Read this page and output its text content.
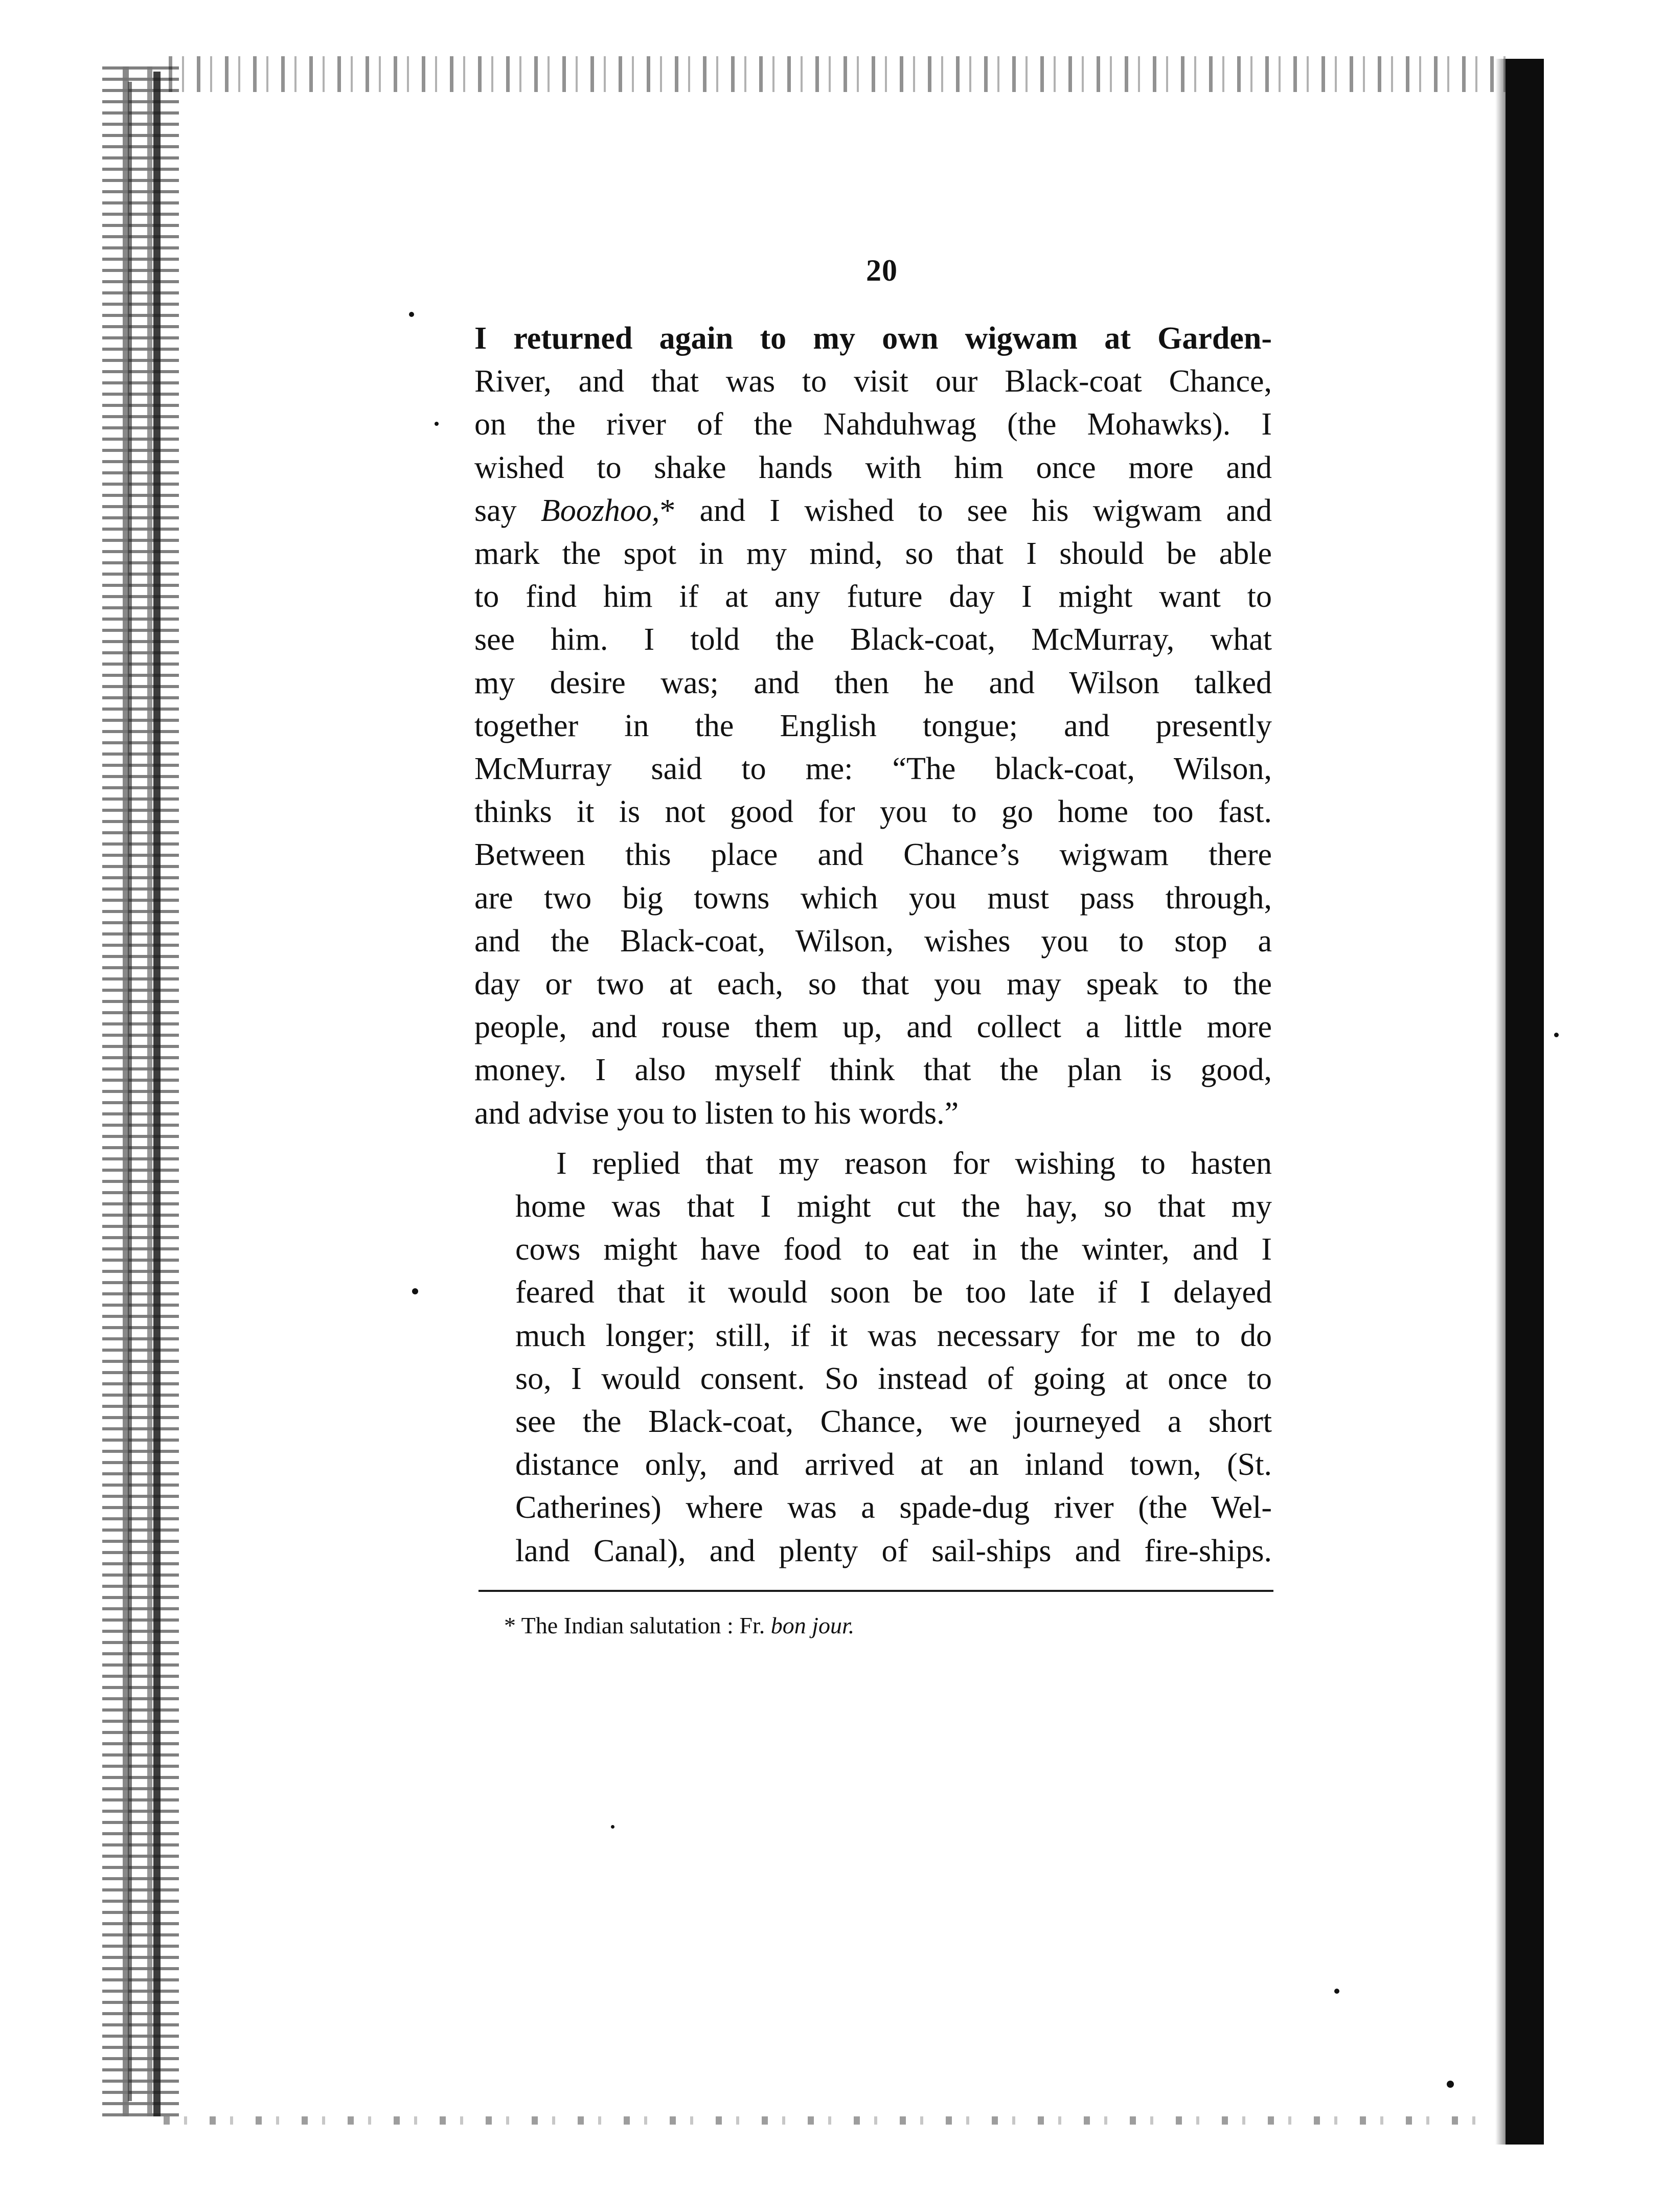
20

I returned again to my own wigwam at Garden-
River, and that was to visit our Black-coat Chance,
on the river of the Nahduhwag (the Mohawks). I
wished to shake hands with him once more and
say Boozhoo,* and I wished to see his wigwam and
mark the spot in my mind, so that I should be able
to find him if at any future day I might want to
see him. I told the Black-coat, McMurray, what
my desire was; and then he and Wilson talked
together in the English tongue; and presently
McMurray said to me: “The black-coat, Wilson,
thinks it is not good for you to go home too fast.
Between this place and Chance’s wigwam there
are two big towns which you must pass through,
and the Black-coat, Wilson, wishes you to stop a
day or two at each, so that you may speak to the
people, and rouse them up, and collect a little more
money. I also myself think that the plan is good,
and advise you to listen to his words.”

I replied that my reason for wishing to hasten
home was that I might cut the hay, so that my
cows might have food to eat in the winter, and I
feared that it would soon be too late if I delayed
much longer; still, if it was necessary for me to do
so, I would consent. So instead of going at once to
see the Black-coat, Chance, we journeyed a short
distance only, and arrived at an inland town, (St.
Catherines) where was a spade-dug river (the Wel-
land Canal), and plenty of sail-ships and fire-ships.

* The Indian salutation : Fr. bon jour.
